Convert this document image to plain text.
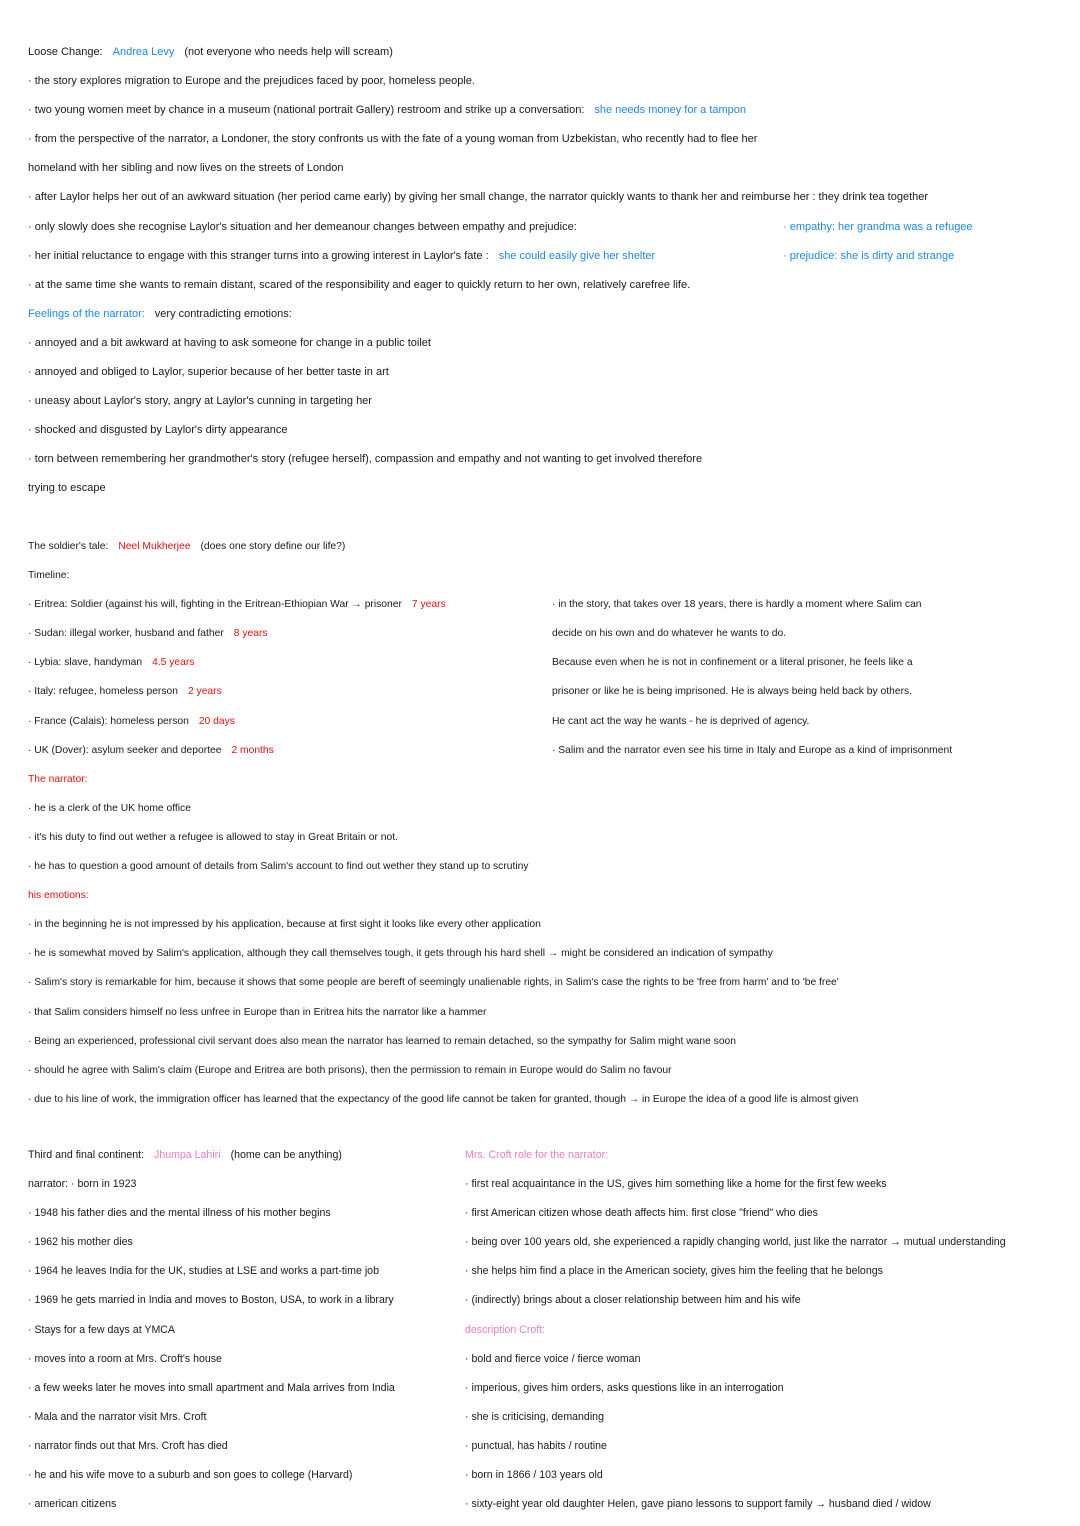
Loose Change: Andrea Levy (not everyone who needs help will scream)
· the story explores migration to Europe and the prejudices faced by poor, homeless people.
· two young women meet by chance in a museum (national portrait Gallery) restroom and strike up a conversation: she needs money for a tampon
· from the perspective of the narrator, a Londoner, the story confronts us with the fate of a young woman from Uzbekistan, who recently had to flee her
homeland with her sibling and now lives on the streets of London
· after Laylor helps her out of an awkward situation (her period came early) by giving her small change, the narrator quickly wants to thank her and reimburse her : they drink tea together
· only slowly does she recognise Laylor's situation and her demeanour changes between empathy and prejudice:	· empathy: her grandma was a refugee
· her initial reluctance to engage with this stranger turns into a growing interest in Laylor's fate : she could easily give her shelter	· prejudice: she is dirty and strange
· at the same time she wants to remain distant, scared of the responsibility and eager to quickly return to her own, relatively carefree life.
Feelings of the narrator: very contradicting emotions:
· annoyed and a bit awkward at having to ask someone for change in a public toilet
· annoyed and obliged to Laylor, superior because of her better taste in art
· uneasy about Laylor's story, angry at Laylor's cunning in targeting her
· shocked and disgusted by Laylor's dirty appearance
· torn between remembering her grandmother's story (refugee herself), compassion and empathy and not wanting to get involved therefore
trying to escape
The soldier's tale: Neel Mukherjee (does one story define our life?)
Timeline:
· Eritrea: Soldier (against his will, fighting in the Eritrean-Ethiopian War → prisoner 7 years
· Sudan: illegal worker, husband and father 8 years
· Lybia: slave, handyman 4.5 years
· Italy: refugee, homeless person 2 years
· France (Calais): homeless person 20 days
· UK (Dover): asylum seeker and deportee 2 months
· in the story, that takes over 18 years, there is hardly a moment where Salim can
decide on his own and do whatever he wants to do.
Because even when he is not in confinement or a literal prisoner, he feels like a
prisoner or like he is being imprisoned. He is always being held back by others.
He cant act the way he wants - he is deprived of agency.
· Salim and the narrator even see his time in Italy and Europe as a kind of imprisonment
The narrator:
· he is a clerk of the UK home office
· it's his duty to find out wether a refugee is allowed to stay in Great Britain or not.
· he has to question a good amount of details from Salim's account to find out wether they stand up to scrutiny
his emotions:
· in the beginning he is not impressed by his application, because at first sight it looks like every other application
· he is somewhat moved by Salim's application, although they call themselves tough, it gets through his hard shell → might be considered an indication of sympathy
· Salim's story is remarkable for him, because it shows that some people are bereft of seemingly unalienable rights, in Salim's case the rights to be 'free from harm' and to 'be free'
· that Salim considers himself no less unfree in Europe than in Eritrea hits the narrator like a hammer
· Being an experienced, professional civil servant does also mean the narrator has learned to remain detached, so the sympathy for Salim might wane soon
· should he agree with Salim's claim (Europe and Eritrea are both prisons), then the permission to remain in Europe would do Salim no favour
· due to his line of work, the immigration officer has learned that the expectancy of the good life cannot be taken for granted, though → in Europe the idea of a good life is almost given
Third and final continent: Jhumpa Lahiri (home can be anything)
narrator: · born in 1923
· 1948 his father dies and the mental illness of his mother begins
· 1962 his mother dies
· 1964 he leaves India for the UK, studies at LSE and works a part-time job
· 1969 he gets married in India and moves to Boston, USA, to work in a library
· Stays for a few days at YMCA
· moves into a room at Mrs. Croft's house
· a few weeks later he moves into small apartment and Mala arrives from India
· Mala and the narrator visit Mrs. Croft
· narrator finds out that Mrs. Croft has died
· he and his wife move to a suburb and son goes to college (Harvard)
· american citizens
Mrs. Croft role for the narrator:
· first real acquaintance in the US, gives him something like a home for the first few weeks
· first American citizen whose death affects him. first close "friend" who dies
· being over 100 years old, she experienced a rapidly changing world, just like the narrator → mutual understanding
· she helps him find a place in the American society, gives him the feeling that he belongs
· (indirectly) brings about a closer relationship between him and his wife
description Croft:
· bold and fierce voice / fierce woman
· imperious, gives him orders, asks questions like in an interrogation
· she is criticising, demanding
· punctual, has habits / routine
· born in 1866 / 103 years old
· sixty-eight year old daughter Helen, gave piano lessons to support family → husband died / widow
